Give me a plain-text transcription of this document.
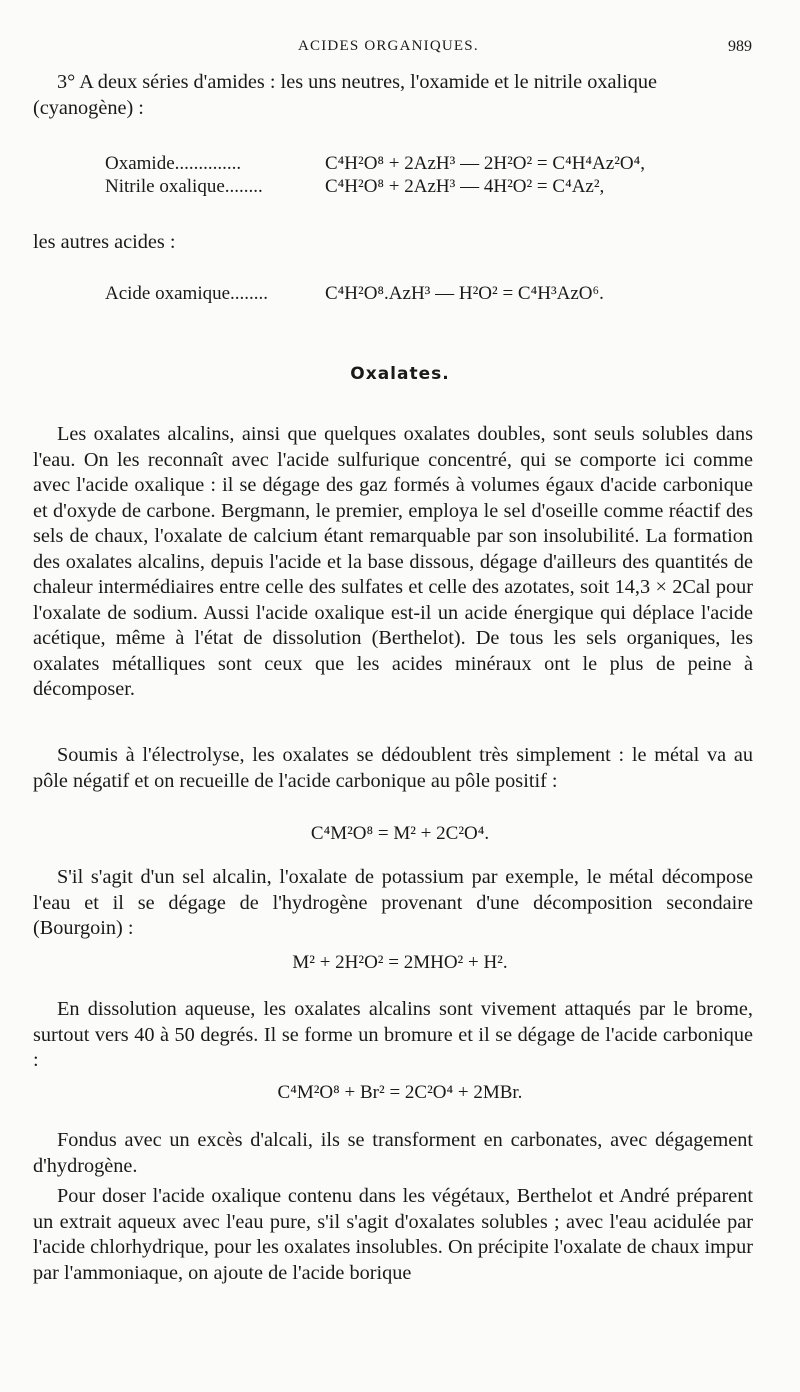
ACIDES ORGANIQUES.	989

3° A deux séries d'amides : les uns neutres, l'oxamide et le nitrile oxalique

(cyanogène) :

Oxamide..............	C⁴H²O⁸ + 2AzH³ — 2H²O² = C⁴H⁴Az²O⁴,
Nitrile oxalique........	C⁴H²O⁸ + 2AzH³ — 4H²O² = C⁴Az²,

les autres acides :

Acide oxamique........	C⁴H²O⁸.AzH³ — H²O² = C⁴H³AzO⁶.
Oxalates.

Les oxalates alcalins, ainsi que quelques oxalates doubles, sont seuls solubles dans l'eau. On les reconnaît avec l'acide sulfurique concentré, qui se comporte ici comme avec l'acide oxalique : il se dégage des gaz formés à volumes égaux d'acide carbonique et d'oxyde de carbone. Bergmann, le premier, employa le sel d'oseille comme réactif des sels de chaux, l'oxalate de calcium étant remarquable par son insolubilité. La formation des oxalates alcalins, depuis l'acide et la base dissous, dégage d'ailleurs des quantités de chaleur intermédiaires entre celle des sulfates et celle des azotates, soit 14,3 × 2Cal pour l'oxalate de sodium. Aussi l'acide oxalique est-il un acide énergique qui déplace l'acide acétique, même à l'état de dissolution (Berthelot). De tous les sels organiques, les oxalates métalliques sont ceux que les acides minéraux ont le plus de peine à décomposer.

Soumis à l'électrolyse, les oxalates se dédoublent très simplement : le métal va au pôle négatif et on recueille de l'acide carbonique au pôle positif :

C⁴M²O⁸ = M² + 2C²O⁴.

S'il s'agit d'un sel alcalin, l'oxalate de potassium par exemple, le métal décompose l'eau et il se dégage de l'hydrogène provenant d'une décomposition secondaire (Bourgoin) :

M² + 2H²O² = 2MHO² + H².

En dissolution aqueuse, les oxalates alcalins sont vivement attaqués par le brome, surtout vers 40 à 50 degrés. Il se forme un bromure et il se dégage de l'acide carbonique :

C⁴M²O⁸ + Br² = 2C²O⁴ + 2MBr.

Fondus avec un excès d'alcali, ils se transforment en carbonates, avec dégagement d'hydrogène.

Pour doser l'acide oxalique contenu dans les végétaux, Berthelot et André préparent un extrait aqueux avec l'eau pure, s'il s'agit d'oxalates solubles ; avec l'eau acidulée par l'acide chlorhydrique, pour les oxalates insolubles. On précipite l'oxalate de chaux impur par l'ammoniaque, on ajoute de l'acide borique
